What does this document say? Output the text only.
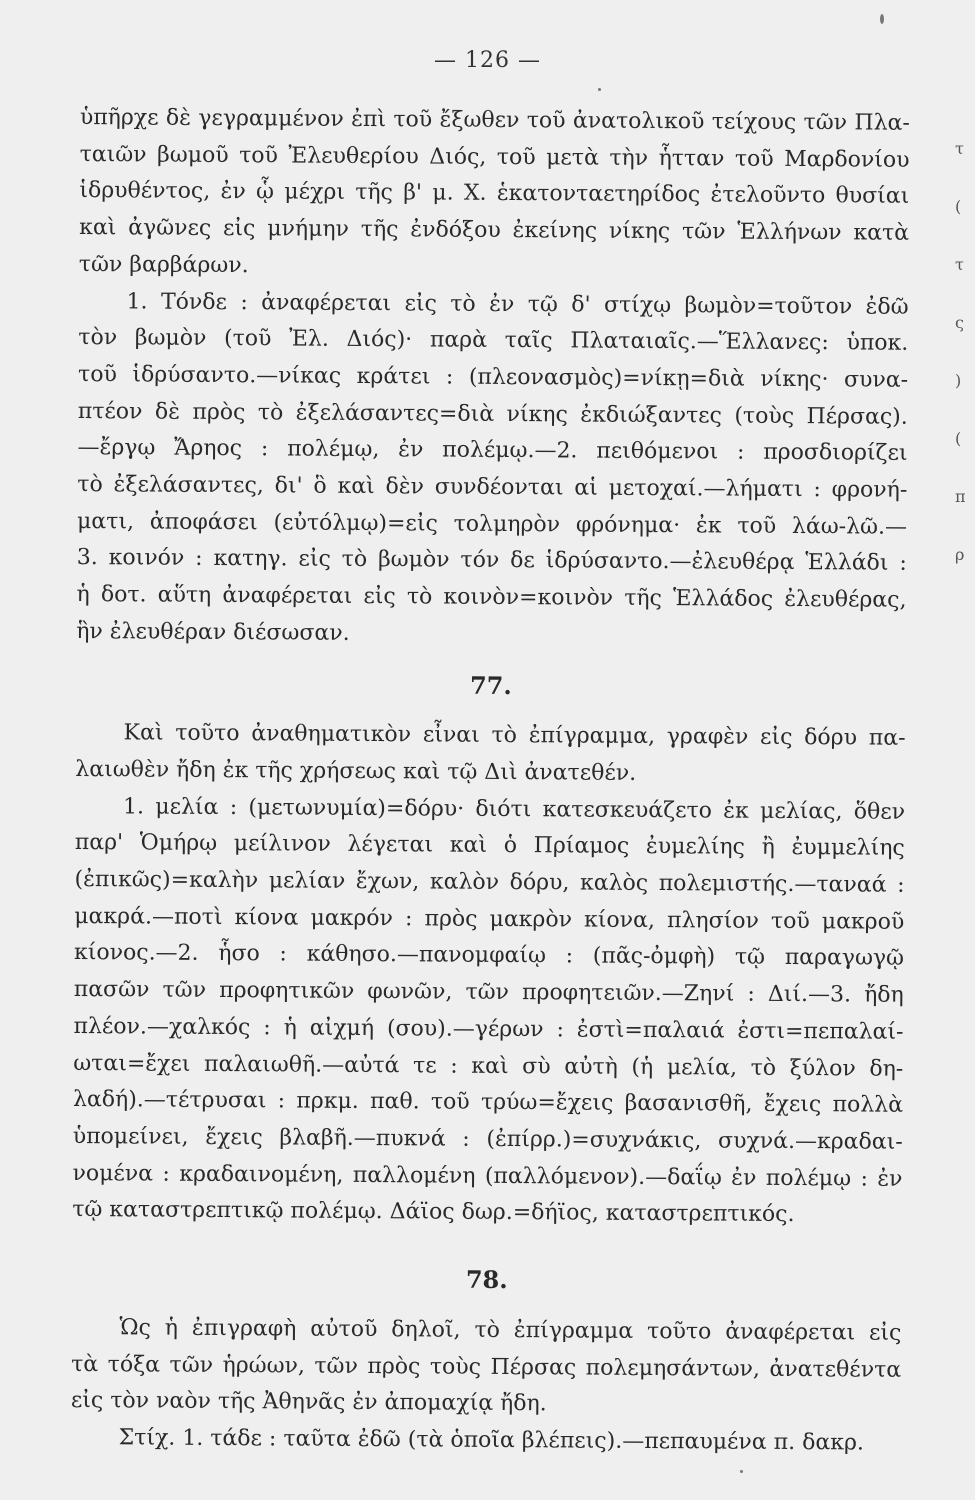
— 126 —
ὑπῆρχε δὲ γεγραμμένον ἐπὶ τοῦ ἔξωθεν τοῦ ἀνατολικοῦ τείχους τῶν Πλα-
ταιῶν βωμοῦ τοῦ Ἐλευθερίου Διός, τοῦ μετὰ τὴν ἧτταν τοῦ Μαρδονίου
ἱδρυθέντος, ἐν ᾧ μέχρι τῆς β' μ. Χ. ἑκατονταετηρίδος ἐτελοῦντο θυσίαι
καὶ ἀγῶνες εἰς μνήμην τῆς ἐνδόξου ἐκείνης νίκης τῶν Ἑλλήνων κατὰ
τῶν βαρβάρων.
1. Τόνδε : ἀναφέρεται εἰς τὸ ἐν τῷ δ' στίχῳ βωμὸν=τοῦτον ἐδῶ
τὸν βωμὸν (τοῦ Ἐλ. Διός)· παρὰ ταῖς Πλαταιαῖς.—Ἕλλανες: ὑποκ.
τοῦ ἱδρύσαντο.—νίκας κράτει : (πλεονασμὸς)=νίκῃ=διὰ νίκης· συνα-
πτέον δὲ πρὸς τὸ ἐξελάσαντες=διὰ νίκης ἐκδιώξαντες (τοὺς Πέρσας).
—ἔργῳ Ἄρηος : πολέμῳ, ἐν πολέμῳ.—2. πειθόμενοι : προσδιορίζει
τὸ ἐξελάσαντες, δι' ὃ καὶ δὲν συνδέονται αἱ μετοχαί.—λήματι : φρονή-
ματι, ἀποφάσει (εὐτόλμῳ)=εἰς τολμηρὸν φρόνημα· ἐκ τοῦ λάω-λῶ.—
3. κοινόν : κατηγ. εἰς τὸ βωμὸν τόν δε ἱδρύσαντο.—ἐλευθέρᾳ Ἑλλάδι :
ἡ δοτ. αὕτη ἀναφέρεται εἰς τὸ κοινὸν=κοινὸν τῆς Ἑλλάδος ἐλευθέρας,
ἣν ἐλευθέραν διέσωσαν.
77.
Καὶ τοῦτο ἀναθηματικὸν εἶναι τὸ ἐπίγραμμα, γραφὲν εἰς δόρυ πα-
λαιωθὲν ἤδη ἐκ τῆς χρήσεως καὶ τῷ Διὶ ἀνατεθέν.
1. μελία : (μετωνυμία)=δόρυ· διότι κατεσκευάζετο ἐκ μελίας, ὅθεν
παρ' Ὁμήρῳ μείλινον λέγεται καὶ ὁ Πρίαμος ἐυμελίης ἢ ἐυμμελίης
(ἐπικῶς)=καλὴν μελίαν ἔχων, καλὸν δόρυ, καλὸς πολεμιστής.—ταναά :
μακρά.—ποτὶ κίονα μακρόν : πρὸς μακρὸν κίονα, πλησίον τοῦ μακροῦ
κίονος.—2. ἧσο : κάθησο.—πανομφαίῳ : (πᾶς-ὀμφὴ) τῷ παραγωγῷ
πασῶν τῶν προφητικῶν φωνῶν, τῶν προφητειῶν.—Ζηνί : Διί.—3. ἤδη
πλέον.—χαλκός : ἡ αἰχμή (σου).—γέρων : ἐστὶ=παλαιά ἐστι=πεπαλαί-
ωται=ἔχει παλαιωθῆ.—αὐτά τε : καὶ σὺ αὐτὴ (ἡ μελία, τὸ ξύλον δη-
λαδή).—τέτρυσαι : πρκμ. παθ. τοῦ τρύω=ἔχεις βασανισθῆ, ἔχεις πολλὰ
ὑπομείνει, ἔχεις βλαβῆ.—πυκνά : (ἐπίρρ.)=συχνάκις, συχνά.—κραδαι-
νομένα : κραδαινομένη, παλλομένη (παλλόμενον).—δαΐῳ ἐν πολέμῳ : ἐν
τῷ καταστρεπτικῷ πολέμῳ. Δάϊος δωρ.=δήϊος, καταστρεπτικός.
78.
Ὡς ἡ ἐπιγραφὴ αὐτοῦ δηλοῖ, τὸ ἐπίγραμμα τοῦτο ἀναφέρεται εἰς
τὰ τόξα τῶν ἡρώων, τῶν πρὸς τοὺς Πέρσας πολεμησάντων, ἀνατεθέντα
εἰς τὸν ναὸν τῆς Ἀθηνᾶς ἐν ἀπομαχίᾳ ἤδη.
Στίχ. 1. τάδε : ταῦτα ἐδῶ (τὰ ὁποῖα βλέπεις).—πεπαυμένα π. δακρ.
τ
(
τ
ς
)
(
π
ρ
